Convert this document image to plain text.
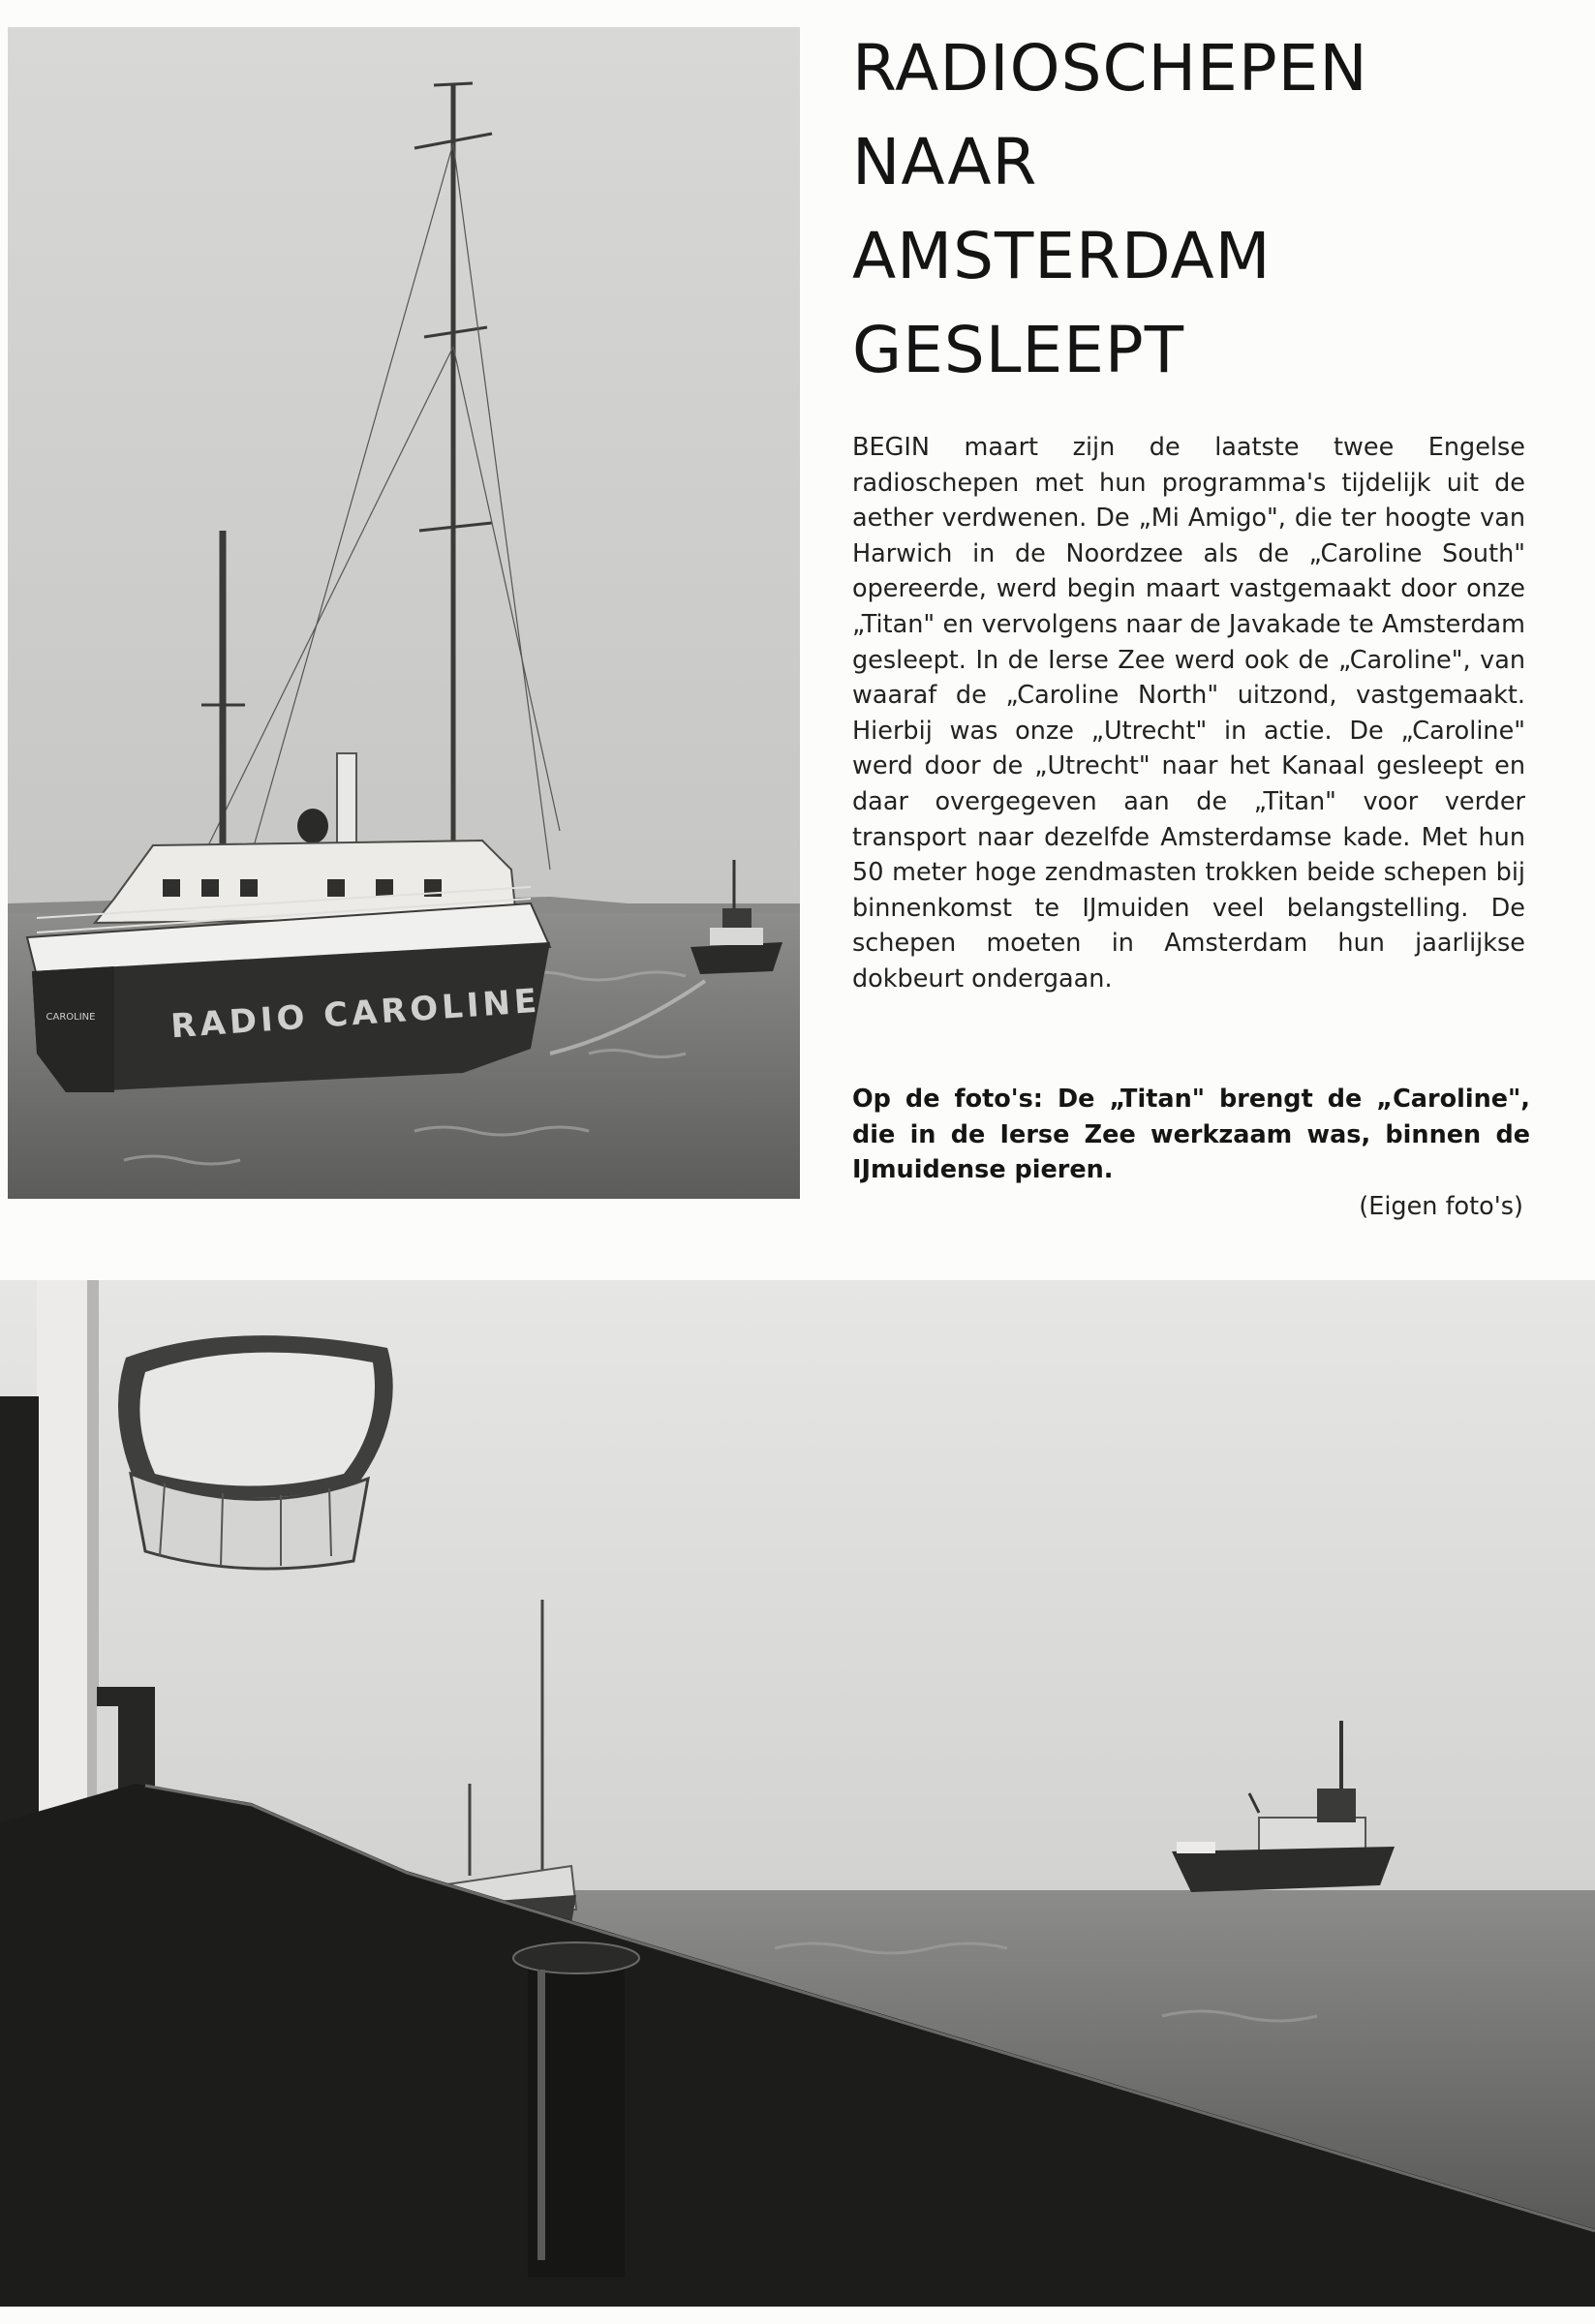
RADIO CAROLINE
CAROLINE
RADIOSCHEPEN
NAAR
AMSTERDAM
GESLEEPT

BEGIN maart zijn de laatste twee Engelse radioschepen met hun programma's tijdelijk uit de aether verdwenen. De „Mi Amigo", die ter hoogte van Harwich in de Noordzee als de „Caroline South" opereerde, werd begin maart vastgemaakt door onze „Titan" en vervolgens naar de Javakade te Amsterdam gesleept. In de Ierse Zee werd ook de „Caroline", van waaraf de „Caroline North" uitzond, vastgemaakt. Hierbij was onze „Utrecht" in actie. De „Caroline" werd door de „Utrecht" naar het Kanaal gesleept en daar overgegeven aan de „Titan" voor verder transport naar dezelfde Amsterdamse kade. Met hun 50 meter hoge zendmasten trokken beide schepen bij binnenkomst te IJmuiden veel belangstelling. De schepen moeten in Amsterdam hun jaarlijkse dokbeurt ondergaan.

Op de foto's: De „Titan" brengt de „Caroline", die in de Ierse Zee werkzaam was, binnen de IJmuidense pieren.

(Eigen foto's)
